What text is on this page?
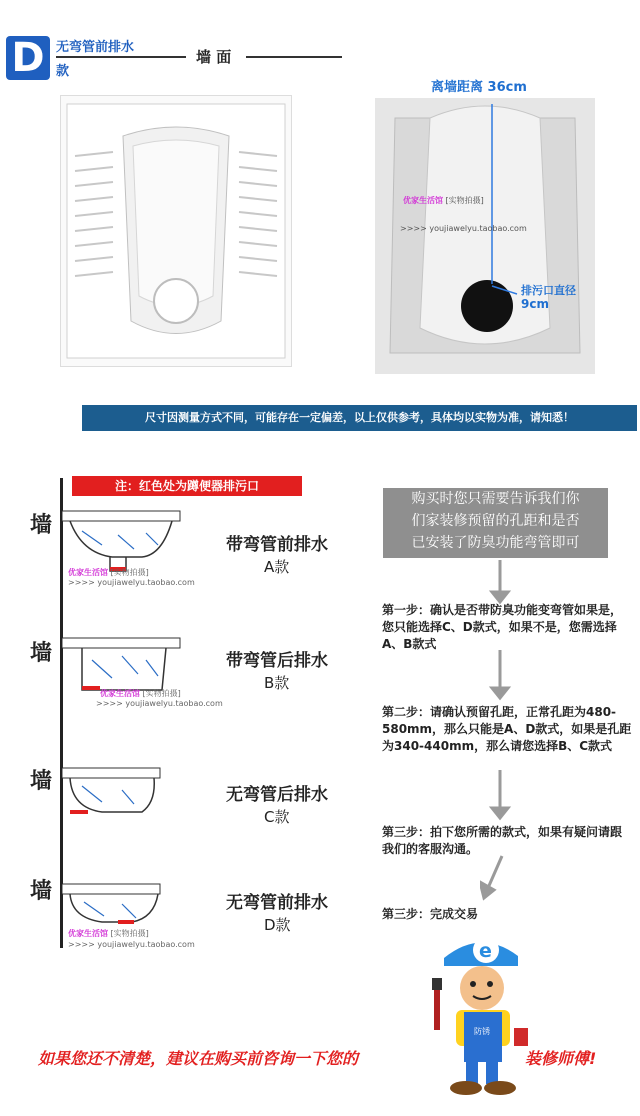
D 无弯管前排水
款
墙 面
离墙距离 36cm
优家生活馆 [实物拍摄]
>>>> youjiawelyu.taobao.com
排污口直径
9cm
尺寸因测量方式不同，可能存在一定偏差，以上仅供参考，具体均以实物为准，请知悉！
注：红色处为蹲便器排污口
墙
优家生活馆 [实物拍摄]
>>>> youjiawelyu.taobao.com
带弯管前排水
A款
墙
优家生活馆 [实物拍摄]
>>>> youjiawelyu.taobao.com
带弯管后排水
B款
墙
无弯管后排水
C款
墙
优家生活馆 [实物拍摄]
>>>> youjiawelyu.taobao.com
无弯管前排水
D款
购买时您只需要告诉我们你
们家装修预留的孔距和是否
已安装了防臭功能弯管即可
第一步：确认是否带防臭功能变弯管如果是，您只能选择C、D款式，如果不是，您需选择A、B款式
第二步：请确认预留孔距，正常孔距为480-580mm，那么只能是A、D款式，如果是孔距为340-440mm，那么请您选择B、C款式
第三步：拍下您所需的款式，如果有疑问请跟我们的客服沟通。
第三步：完成交易
e
防锈
如果您还不清楚，建议在购买前咨询一下您的	装修师傅!
